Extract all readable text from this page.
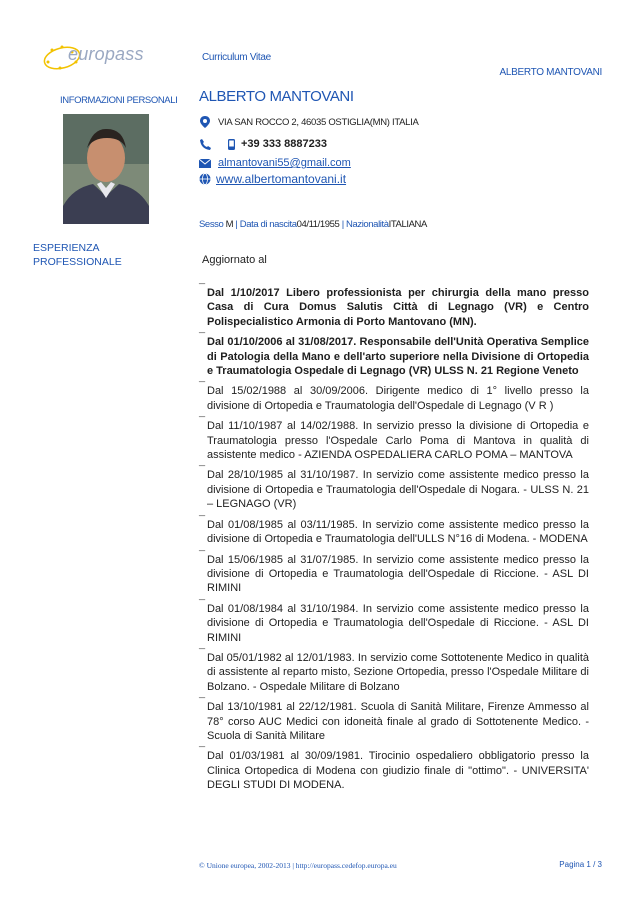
europass	Curriculum Vitae
ALBERTO MANTOVANI
INFORMAZIONI PERSONALI	ALBERTO MANTOVANI
VIA SAN ROCCO 2, 46035 OSTIGLIA(MN) ITALIA
+39 333 8887233
almantovani55@gmail.com
www.albertomantovani.it
Sesso M | Data di nascita04/11/1955 | NazionalitàITALIANA
ESPERIENZA
PROFESSIONALE	Aggiornato al
¯ Dal 1/10/2017 Libero professionista per chirurgia della mano presso Casa di Cura Domus Salutis Città di Legnago (VR) e Centro Polispecialistico Armonia di Porto Mantovano (MN).
¯ Dal 01/10/2006 al 31/08/2017. Responsabile dell'Unità Operativa Semplice di Patologia della Mano e dell'arto superiore nella Divisione di Ortopedia e Traumatologia Ospedale di Legnago (VR) ULSS N. 21 Regione Veneto
¯ Dal 15/02/1988 al 30/09/2006. Dirigente medico di 1° livello presso la divisione di Ortopedia e Traumatologia dell'Ospedale di Legnago (V R )
¯ Dal 11/10/1987 al 14/02/1988. In servizio presso la divisione di Ortopedia e Traumatologia presso l'Ospedale Carlo Poma di Mantova in qualità di assistente medico - AZIENDA OSPEDALIERA CARLO POMA – MANTOVA
¯ Dal 28/10/1985 al 31/10/1987. In servizio come assistente medico presso la divisione di Ortopedia e Traumatologia dell'Ospedale di Nogara. - ULSS N. 21 – LEGNAGO (VR)
¯ Dal 01/08/1985 al 03/11/1985. In servizio come assistente medico presso la divisione di Ortopedia e Traumatologia dell'ULLS N°16 di Modena. - MODENA
¯ Dal 15/06/1985 al 31/07/1985. In servizio come assistente medico presso la divisione di Ortopedia e Traumatologia dell'Ospedale di Riccione. - ASL DI RIMINI
¯ Dal 01/08/1984 al 31/10/1984. In servizio come assistente medico presso la divisione di Ortopedia e Traumatologia dell'Ospedale di Riccione. - ASL DI RIMINI
¯ Dal 05/01/1982 al 12/01/1983. In servizio come Sottotenente Medico in qualità di assistente al reparto misto, Sezione Ortopedia, presso l'Ospedale Militare di Bolzano. - Ospedale Militare di Bolzano
¯ Dal 13/10/1981 al 22/12/1981. Scuola di Sanità Militare, Firenze Ammesso al 78° corso AUC Medici con idoneità finale al grado di Sottotenente Medico. - Scuola di Sanità Militare
¯ Dal 01/03/1981 al 30/09/1981. Tirocinio ospedaliero obbligatorio presso la Clinica Ortopedica di Modena con giudizio finale di "ottimo". - UNIVERSITA' DEGLI STUDI DI MODENA.
© Unione europea, 2002-2013 | http://europass.cedefop.europa.eu	Pagina 1 / 3
